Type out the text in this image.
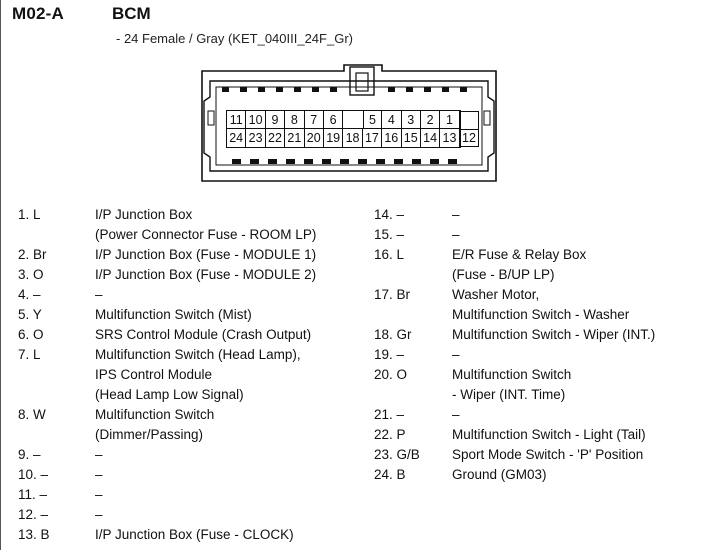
M02-A	BCM
- 24 Female / Gray (KET_040III_24F_Gr)
11 10 9 8 7 6	5 4 3 2 1
24 23 22 21 20 19 18 17 16 15 14 13 12
1. L	I/P Junction Box
(Power Connector Fuse - ROOM LP)
2. Br	I/P Junction Box (Fuse - MODULE 1)
3. O	I/P Junction Box (Fuse - MODULE 2)
4. –	–
5. Y	Multifunction Switch (Mist)
6. O	SRS Control Module (Crash Output)
7. L	Multifunction Switch (Head Lamp),
IPS Control Module
(Head Lamp Low Signal)
8. W	Multifunction Switch
(Dimmer/Passing)
9. –	–
10. –	–
11. –	–
12. –	–
13. B	I/P Junction Box (Fuse - CLOCK)
14. –	–
15. –	–
16. L	E/R Fuse & Relay Box
(Fuse - B/UP LP)
17. Br	Washer Motor,
Multifunction Switch - Washer
18. Gr	Multifunction Switch - Wiper (INT.)
19. –	–
20. O	Multifunction Switch
- Wiper (INT. Time)
21. –	–
22. P	Multifunction Switch - Light (Tail)
23. G/B Sport Mode Switch - 'P' Position
24. B	Ground (GM03)
